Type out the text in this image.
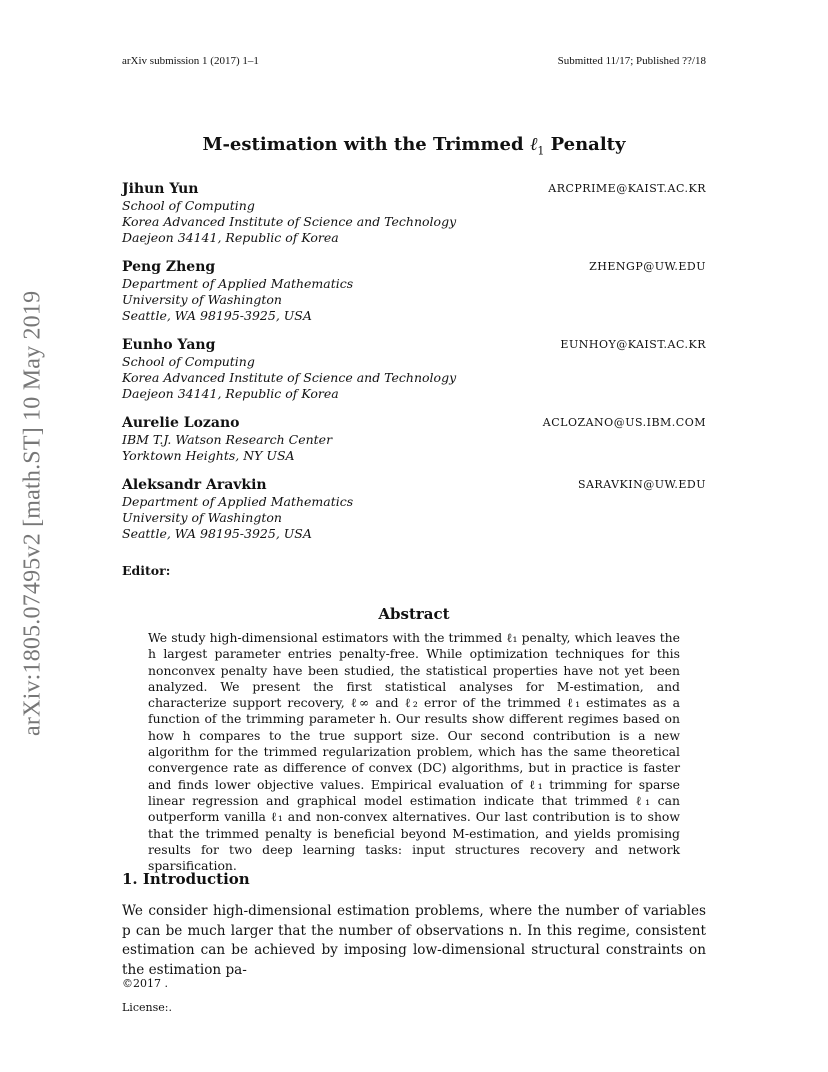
arXiv submission 1 (2017) 1–1	Submitted 11/17; Published ??/18
arXiv:1805.07495v2 [math.ST] 10 May 2019
M-estimation with the Trimmed ℓ$_1$ Penalty
Jihun Yun	ARCPRIME@KAIST.AC.KR
School of Computing
Korea Advanced Institute of Science and Technology
Daejeon 34141, Republic of Korea
Peng Zheng	ZHENGP@UW.EDU
Department of Applied Mathematics
University of Washington
Seattle, WA 98195-3925, USA
Eunho Yang	EUNHOY@KAIST.AC.KR
School of Computing
Korea Advanced Institute of Science and Technology
Daejeon 34141, Republic of Korea
Aurelie Lozano	ACLOZANO@US.IBM.COM
IBM T.J. Watson Research Center
Yorktown Heights, NY USA
Aleksandr Aravkin	SARAVKIN@UW.EDU
Department of Applied Mathematics
University of Washington
Seattle, WA 98195-3925, USA
Editor:
Abstract

We study high-dimensional estimators with the trimmed ℓ₁ penalty, which leaves the h largest parameter entries penalty-free. While optimization techniques for this nonconvex penalty have been studied, the statistical properties have not yet been analyzed. We present the first statistical analyses for M-estimation, and characterize support recovery, ℓ∞ and ℓ₂ error of the trimmed ℓ₁ estimates as a function of the trimming parameter h. Our results show different regimes based on how h compares to the true support size. Our second contribution is a new algorithm for the trimmed regularization problem, which has the same theoretical convergence rate as difference of convex (DC) algorithms, but in practice is faster and finds lower objective values. Empirical evaluation of ℓ₁ trimming for sparse linear regression and graphical model estimation indicate that trimmed ℓ₁ can outperform vanilla ℓ₁ and non-convex alternatives. Our last contribution is to show that the trimmed penalty is beneficial beyond M-estimation, and yields promising results for two deep learning tasks: input structures recovery and network sparsification.

1. Introduction

We consider high-dimensional estimation problems, where the number of variables p can be much larger that the number of observations n. In this regime, consistent estimation can be achieved by imposing low-dimensional structural constraints on the estimation pa-

©2017 .
License:.
